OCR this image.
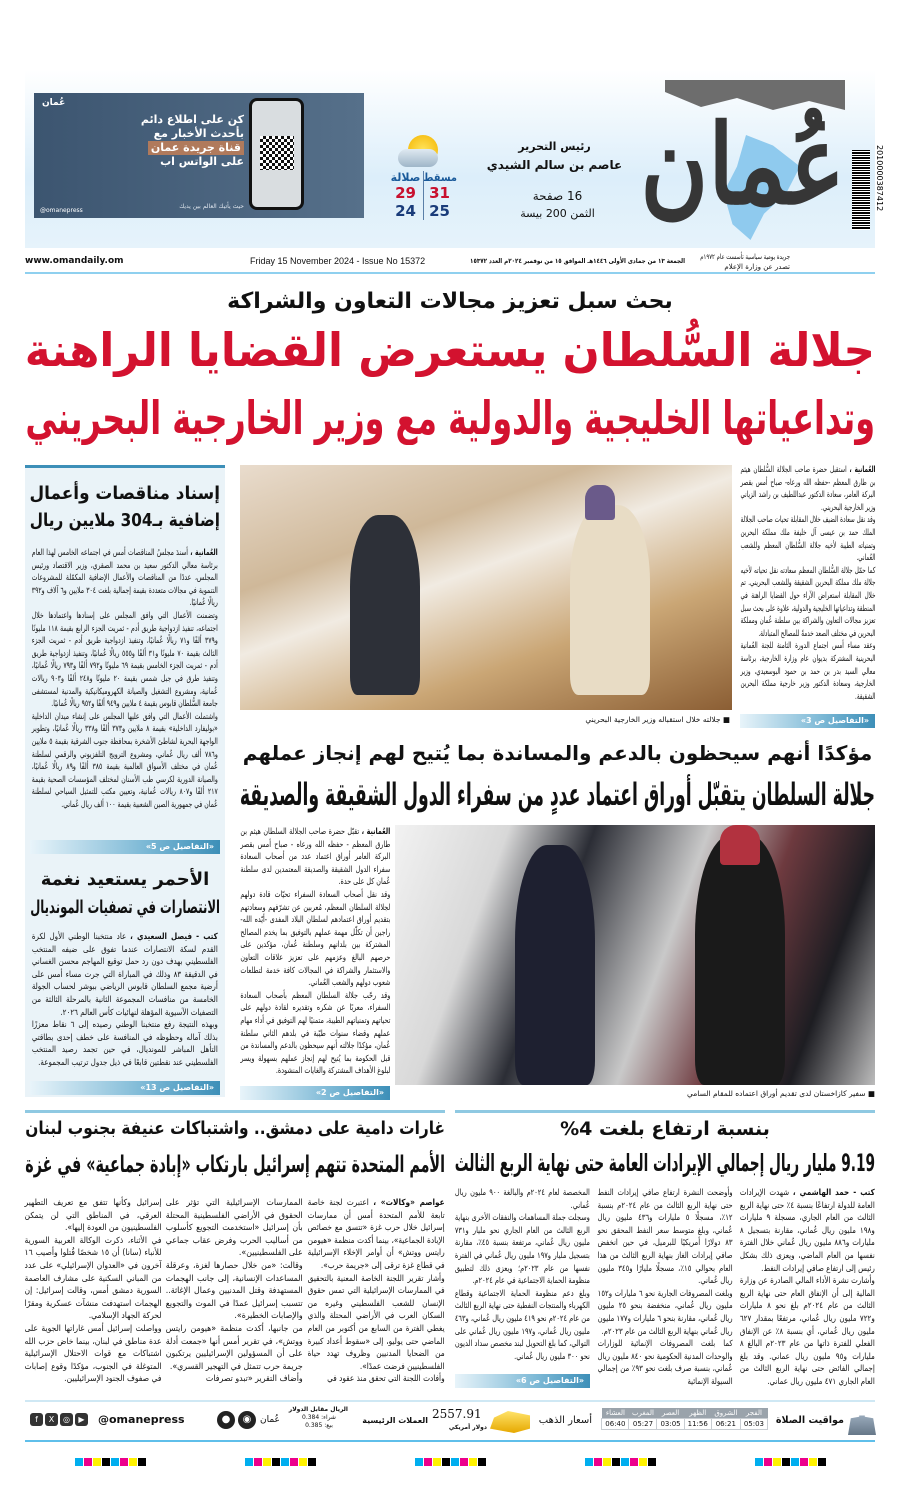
عُمان	2010000387412
رئيس التحرير
عاصم بن سالم الشيدي
16 صفحة
الثمن 200 بيسة
مسقط
31
25
صلالة
29
24
عُمان
كن على اطلاع دائم
بأحدث الأخبار مع
قناة جريدة عمان
على الواتس اب
حيث يأتيك العالم بين يديك
@omanepress
www.omandaily.om	Friday 15 November 2024 - Issue No 15372	الجمعة ١٣ من جمادى الأولى ١٤٤٦هـ الموافق ١٥ من نوفمبر ٢٠٢٤م العدد ١٥٣٧٢ جريدة يومية سياسية تأسست عام ١٩٧٢م
تصدر عن وزارة الإعلام
بحث سبل تعزيز مجالات التعاون والشراكة
جلالة السُّلطان يستعرض القضايا الراهنة
وتداعياتها الخليجية والدولية مع وزير الخارجية البحريني

العُمانية ، استقبل حضرة صاحب الجلالة السُّلطان هيثم بن طارق المعظم -حفظه الله ورعاه- صباح أمس بقصر البركة العامر، سعادة الدكتور عبداللطيف بن راشد الزياني وزير الخارجية البحريني.

وقد نقل سعادة الضيف خلال المقابلة تحيات صاحب الجلالة الملك حمد بن عيسى آل خليفة ملك مملكة البحرين وتمنياته الطيبة لأخيه جلالة السُّلطان المعظم وللشعب العُماني.

كما حمّل جلالة السُّلطان المعظم سعادته نقل تحياته لأخيه جلالة ملك مملكة البحرين الشقيقة وللشعب البحريني. تم خلال المقابلة استعراض الآراء حول القضايا الراهنة في المنطقة وتداعياتها الخليجية والدولية، علاوة على بحث سبل تعزيز مجالات التعاون والشراكة بين سلطنة عُمان ومملكة البحرين في مختلف الصعد خدمةً للمصالح المتبادلة.

وعقد مساء أمس اجتماع الدورة الثامنة للجنة العُمانية البحرينية المشتركة بديوان عام وزارة الخارجية، برئاسة معالي السيد بدر بن حمد بن حمود البوسعيدي، وزير الخارجية، وسعادة الدكتور وزير خارجية مملكة البحرين الشقيقة.

«التفاصيل ص 3»
■ جلالته خلال استقباله وزير الخارجية البحريني
مؤكدًا أنهم سيحظون بالدعم والمساندة بما يُتيح لهم إنجاز عملهم
جلالة السلطان يتقبّل أوراق اعتماد عددٍ من سفراء الدول الشقيقة والصديقة

العُمانية ، تقبّل حضرة صاحب الجلالة السلطان هيثم بن طارق المعظم - حفظه الله ورعاه - صباح أمس بقصر البركة العامر أوراق اعتماد عدد من أصحاب السعادة سفراء الدول الشقيقة والصديقة المعتمدين لدى سلطنة عُمان كل على حدة.

وقد نقل أصحاب السعادة السفراء تحيّات قادة دولهم لجلالة السلطان المعظم، مُعربين عن تشرّفهم وسعادتهم بتقديم أوراق اعتمادهم لسلطان البلاد المفدى -أيّده الله- راجين أن تكلّل مهمة عملهم بالتوفيق بما يخدم المصالح المشتركة بين بلدانهم وسلطنة عُمان، مؤكدين على حرصهم البالغ وعزمهم على تعزيز علاقات التعاون والاستثمار والشراكة في المجالات كافة خدمة لتطلعات شعوب دولهم والشعب العُماني.

وقد رحّب جلالة السلطان المعظم بأصحاب السعادة السفراء، معربًا عن شكره وتقديره لقادة دولهم على تحياتهم وتمنياتهم الطيبة، متمنيًا لهم التوفيق في أداء مهام عملهم وقضاء سنوات طيّبة في بلدهم الثاني سلطنة عُمان، مؤكدًا جلالته أنهم سيحظون بالدعم والمساندة من قبل الحكومة بما يُتيح لهم إنجاز عملهم بسهولة ويسر لبلوغ الأهداف المشتركة والغايات المنشودة.

«التفاصيل ص 2»	■ سفير كازاخستان لدى تقديم أوراق اعتماده للمقام السامي
إسناد مناقصات وأعمال
إضافية بـ304 ملايين ريال

العُمانية ، أسندَ مجلسُ المناقصات أمس في اجتماعه الخامس لهذا العام برئاسة معالي الدكتور سعيد بن محمد الصقري، وزير الاقتصاد ورئيس المجلس، عددًا من المناقصات والأعمال الإضافية المكمّلة للمشروعات التنموية في مجالات متعددة بقيمة إجمالية بلغت ٣٠٤ ملايين و٦ آلاف و٣٩٢ ريالًا عُمانيًا.

وتضمنت الأعمال التي وافق المجلس على إسنادها واعتمادها خلال اجتماعه، تنفيذ ازدواجية طريق أدم - ثمريت الجزء الرابع بقيمة ١١٨ مليونًا و٣٧٩ ألفًا و٧١ ريالًا عُمانيًا، وتنفيذ ازدواجية طريق أدم - ثمريت الجزء الثالث بقيمة ٧٠ مليونًا و٣١ ألفًا و٥٥٥ ريالًا عُمانيًا، وتنفيذ ازدواجية طريق أدم - ثمريت الجزء الخامس بقيمة ٦٩ مليونًا و٧٩٢ ألفًا و٧٩٣ ريالًا عُمانيًا، وتنفيذ طرق في جبل شمس بقيمة ٢٠ مليونًا و٢٤٨ ألفًا و٩٠٣ ريالات عُمانية، ومشروع التشغيل والصيانة الكهروميكانيكية والمدنية لمستشفى جامعة السُّلطان قابوس بقيمة ٤ ملايين و٩٤٩ ألفًا و٩٥٢ ريالًا عُمانيًا.

واشتملت الأعمال التي وافق عليها المجلس على إنشاء ميدان الداخلية «بوليفارد الداخلية» بقيمة ٨ ملايين و٣٧٣ ألفًا و٣٣٨ ريالًا عُمانيًا، وتطوير الواجهة البحرية لشاطئ الأشخرة بمحافظة جنوب الشرقية بقيمة ٥ ملايين و٧٨٦ ألف ريال عُماني، ومشروع الترويج التلفزيوني والرقمي لسلطنة عُمان في مختلف الأسواق العالمية بقيمة ٣٨٥ ألفًا و٨٩ ريالًا عُمانيًا، والصيانة الدورية لكرسي طب الأسنان لمختلف المؤسسات الصحية بقيمة ٢١٧ ألفًا و٨٠٧ ريالات عُمانية، وتعيين مكتب للتمثيل السياحي لسلطنة عُمان في جمهورية الصين الشعبية بقيمة ١٠٠ ألف ريال عُماني.

«التفاصيل ص 5»
الأحمر يستعيد نغمة
الانتصارات في تصفيات المونديال

كتب - فيصل السعيدي ، عاد منتخبنا الوطني الأول لكرة القدم لسكة الانتصارات عندما تفوق على ضيفه المنتخب الفلسطيني بهدف دون رد حمل توقيع المهاجم محسن الغساني في الدقيقة ٨٣ وذلك في المباراة التي جرت مساء أمس على أرضية مجمع السلطان قابوس الرياضي ببوشر لحساب الجولة الخامسة من منافسات المجموعة الثانية بالمرحلة الثالثة من التصفيات الآسيوية المؤهلة لنهائيات كأس العالم ٢٠٢٦.

وبهذه النتيجة رفع منتخبنا الوطني رصيده إلى ٦ نقاط معززًا بذلك آماله وحظوظه في المنافسة على خطف إحدى بطاقتي التأهل المباشر للمونديال، في حين تجمد رصيد المنتخب الفلسطيني عند نقطتين قابعًا في ذيل جدول ترتيب المجموعة.

«التفاصيل ص 13»
بنسبة ارتفاع بلغت 4%
9.19 مليار ريال إجمالي الإيرادات العامة حتى نهاية الربع الثالث

كتب - حمد الهاشمي ، شهدت الإيرادات العامة للدولة ارتفاعًا بنسبة ٤٪ حتى نهاية الربع الثالث من العام الجاري، مسجلة ٩ مليارات و١٩٨ مليون ريال عُماني، مقارنة بتسجيل ٨ مليارات و٨٨٦ مليون ريال عُماني خلال الفترة نفسها من العام الماضي، ويعزى ذلك بشكل رئيس إلى ارتفاع صافي إيرادات النفط.

وأشارت نشرة الأداء المالي الصادرة عن وزارة المالية إلى أن الإنفاق العام حتى نهاية الربع الثالث من عام ٢٠٢٤م بلغ نحو ٨ مليارات و٧٢٢ مليون ريال عُماني، مرتفعًا بمقدار ٦٢٧ مليون ريال عُماني، أي بنسبة ٨٪ عن الإنفاق الفعلي للفترة ذاتها من عام ٢٠٢٣م البالغ ٨ مليارات و٩٥ مليون ريال عماني. وقد بلغ إجمالي الفائض حتى نهاية الربع الثالث من العام الجاري ٤٧١ مليون ريال عماني.

وأوضحت النشرة ارتفاع صافي إيرادات النفط حتى نهاية الربع الثالث من عام ٢٠٢٤م بنسبة ١٢٪، مسجلًا ٥ مليارات و٤٣٦ مليون ريال عُماني، وبلغ متوسط سعر النفط المحقق نحو ٨٣ دولارًا أمريكيًا للبرميل، في حين انخفض صافي إيرادات الغاز بنهاية الربع الثالث من هذا العام بحوالي ١٥٪، مسجلًا مليارًا و٣٤٥ مليون ريال عُماني.

وبلغت المصروفات الجارية نحو ٦ مليارات و١٥٢ مليون ريال عُماني، منخفضة بنحو ٢٥ مليون ريال عُماني، مقارنة بنحو ٦ مليارات و١٧٧ مليون ريال عُماني بنهاية الربع الثالث من عام ٢٠٢٣م.

كما بلغت المصروفات الإنمائية للوزارات والوحدات المدنية الحكومية نحو ٨٤٠ مليون ريال عُماني، بنسبة صرف بلغت نحو ٩٣٪ من إجمالي السيولة الإنمائية

المخصصة لعام ٢٠٢٤م والبالغة ٩٠٠ مليون ريال عُماني.

وسجلت جملة المساهمات والنفقات الأخرى بنهاية الربع الثالث من العام الجاري نحو مليار و٧٣١ مليون ريال عُماني، مرتفعة بنسبة ٤٥٪، مقارنة بتسجيل مليار و١٩٧ مليون ريال عُماني في الفترة نفسها من عام ٢٠٢٣م؛ ويعزى ذلك لتطبيق منظومة الحماية الاجتماعية في عام ٢٠٢٤م.

وبلغ دعم منظومة الحماية الاجتماعية وقطاع الكهرباء والمنتجات النفطية حتى نهاية الربع الثالث من عام ٢٠٢٤م نحو ٤١٩ مليون ريال عُماني، و٤٦٣ مليون ريال عُماني، و١٩٧ مليون ريال عُماني على التوالي، كما بلغ التحويل لبند مخصص سداد الديون نحو ٣٠٠ مليون ريال عُماني.

«التفاصيل ص 6»
غارات دامية على دمشق.. واشتباكات عنيفة بجنوب لبنان
الأمم المتحدة تتهم إسرائيل بارتكاب «إبادة جماعية» في غزة

عواصم «وكالات» ، اعتبرت لجنة خاصة تابعة للأمم المتحدة أمس أن ممارسات إسرائيل خلال حرب غزة «تتسق مع خصائص الإبادة الجماعية»، بينما أكدت منظمة «هيومن رايتس ووتش» أن أوامر الإخلاء الإسرائيلية في قطاع غزة ترقى إلى «جريمة حرب».

وأشار تقرير اللجنة الخاصة المعنية بالتحقيق في الممارسات الإسرائيلية التي تمس حقوق الإنسان للشعب الفلسطيني وغيره من السكان العرب في الأراضي المحتلة والذي يغطي الفترة من السابع من أكتوبر من العام الماضي حتى يوليو، إلى «سقوط أعداد كبيرة من الضحايا المدنيين وظروف تهدد حياة الفلسطينيين فرضت عمدًا».

وأفادت اللجنة التي تحقق منذ عقود في

الممارسات الإسرائيلية التي تؤثر على الحقوق في الأراضي الفلسطينية المحتلة بأن إسرائيل «استخدمت التجويع كأسلوب من أساليب الحرب وفرض عقاب جماعي على الفلسطينيين».

وقالت: «من خلال حصارها لغزة، وعرقلة المساعدات الإنسانية، إلى جانب الهجمات المستهدفة وقتل المدنيين وعمال الإغاثة.. تتسبب إسرائيل عمدًا في الموت والتجويع والإصابات الخطيرة».

من جانبها، أكدت منظمة «هيومن رايتس ووتش»، في تقرير أمس أنها «جمعت أدلة على أن المسؤولين الإسرائيليين يرتكبون جريمة حرب تتمثل في التهجير القسري».

وأضاف التقرير «تبدو تصرفات

إسرائيل وكأنها تتفق مع تعريف التطهير العرقي، في المناطق التي لن يتمكن الفلسطينيون من العودة إليها».

في الأثناء، ذكرت الوكالة العربية السورية للأنباء (سانا) أن ١٥ شخصًا قُتلوا وأصيب ١٦ آخرون في «العدوان الإسرائيلي» على عدد من المباني السكنية على مشارف العاصمة السورية دمشق أمس، وقالت إسرائيل: إن الهجمات استهدفت منشآت عسكرية ومقرًا لحركة الجهاد الإسلامي.

وواصلت إسرائيل أمس غاراتها الجوية على عدة مناطق في لبنان، بينما خاض حزب الله اشتباكات مع قوات الاحتلال الإسرائيلية المتوغلة في الجنوب، مؤكدًا وقوع إصابات في صفوف الجنود الإسرائيليين.

مواقيت الصلاة
الفجر	الشروق	الظهر	العصر	المغرب	العشاء
05:03	06:21	11:56	03:05	05:27	06:40
أسعار الذهب
2557.91
دولار أمريكي
العملات الرئيسية
الريال مقابل الدولار
شراء: 0.384
بيع: 0.385
عُمان
◉
●
@omanepress
f	X	◎	▶
